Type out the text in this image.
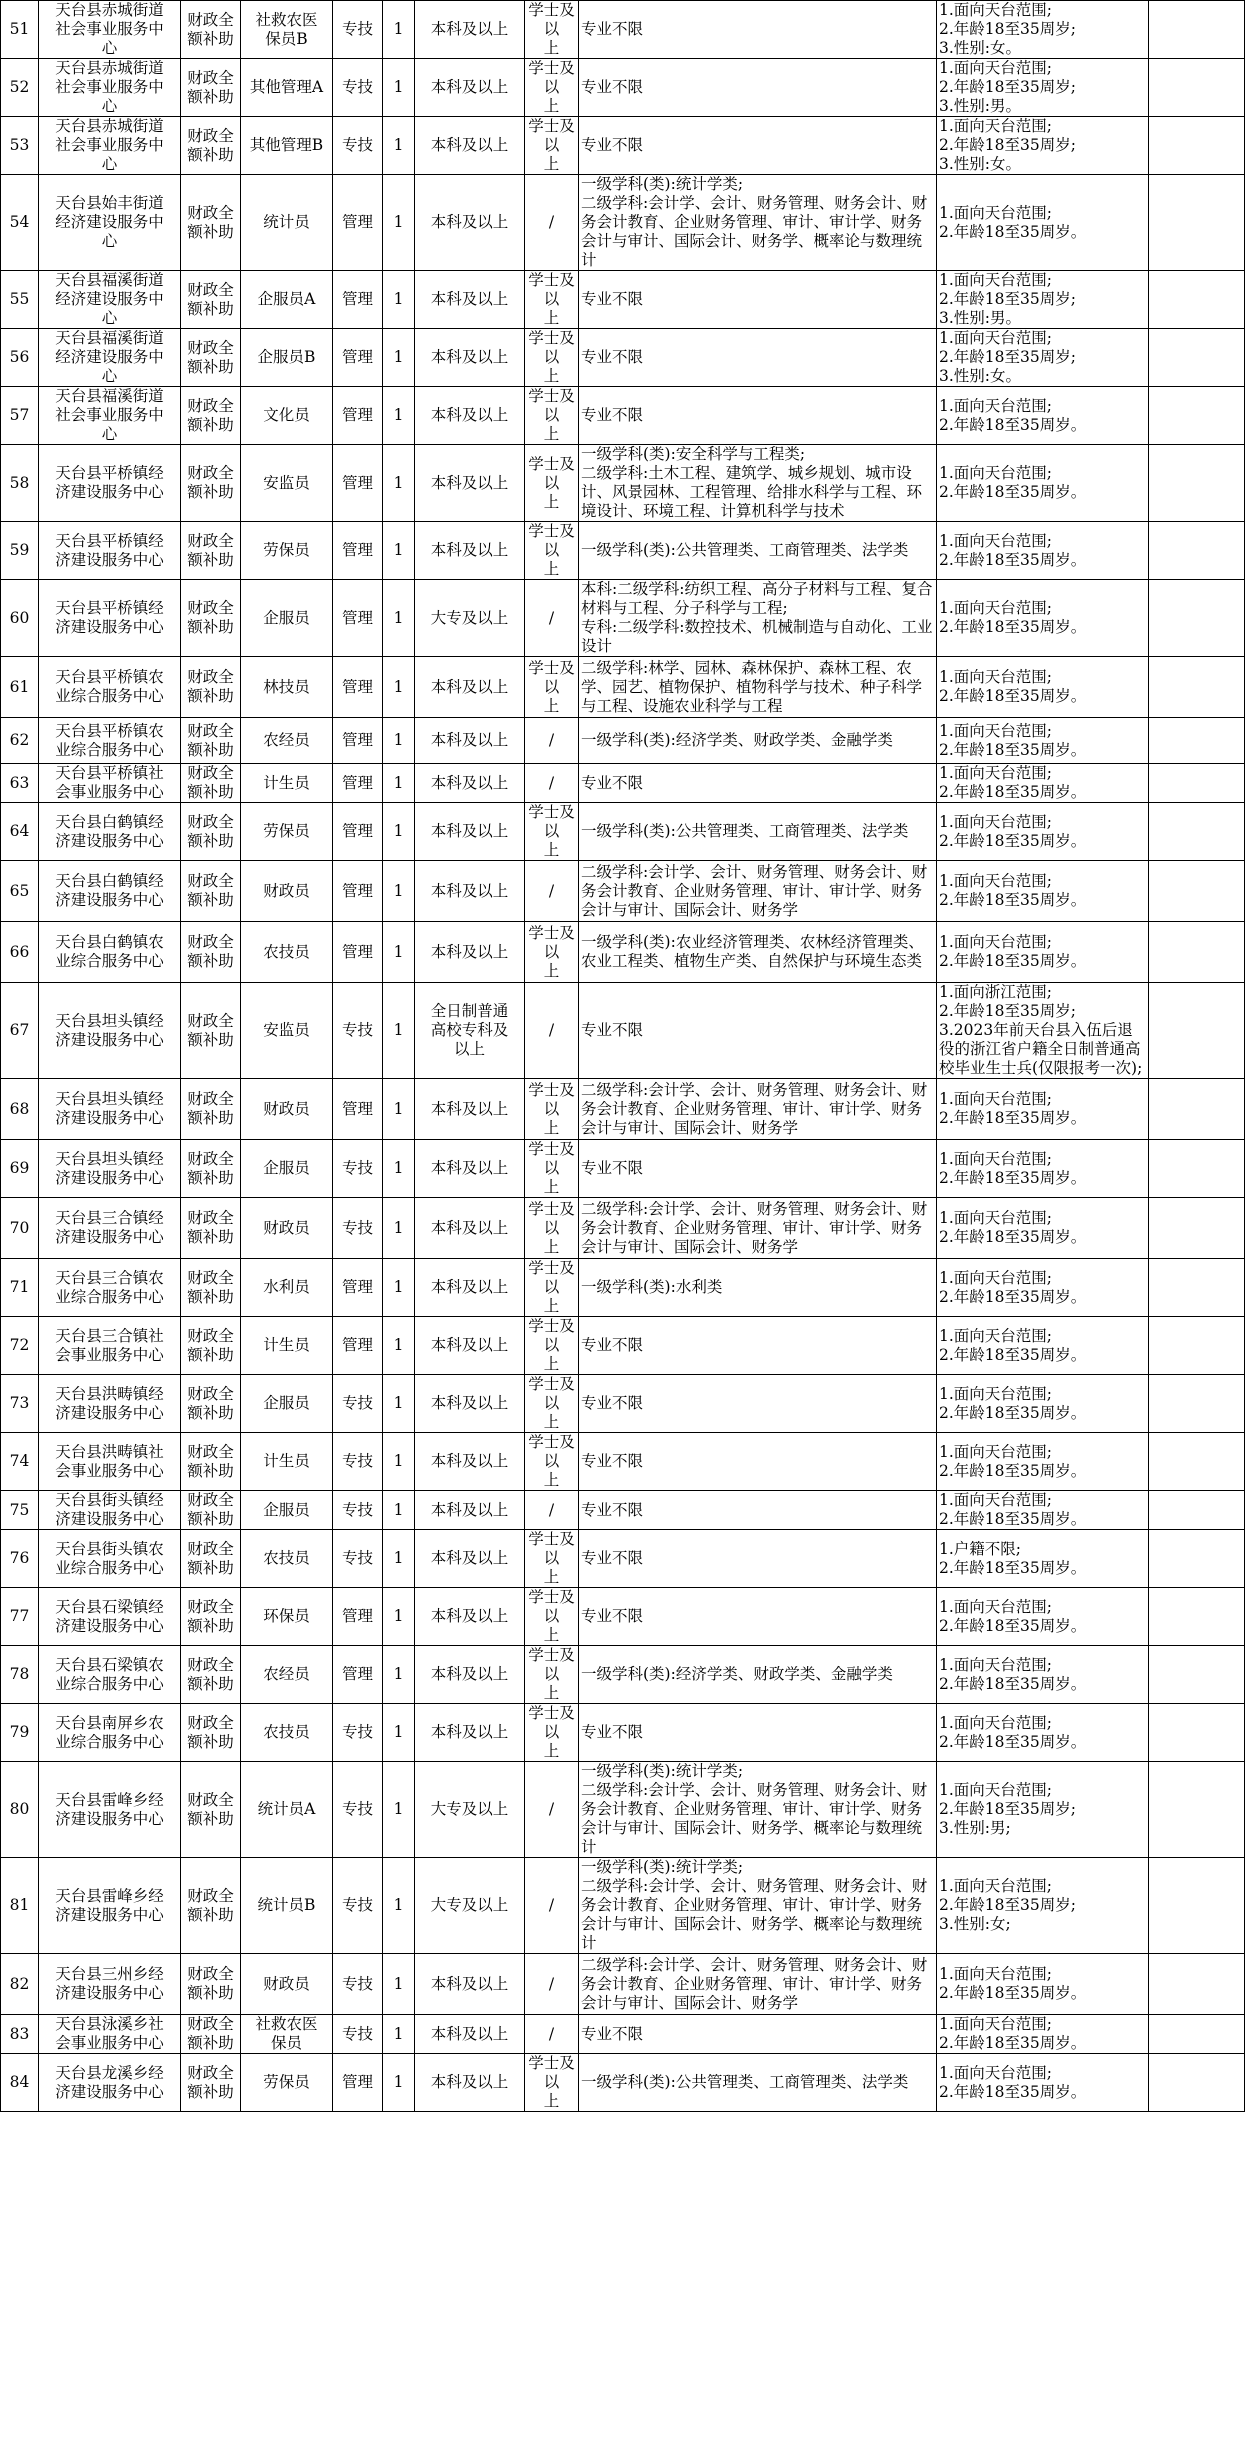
51	天台县赤城街道
社会事业服务中
心	财政全
额补助	社救农医
保员B	专技	1	本科及以上	学士及以
上	专业不限	1.面向天台范围;
2.年龄18至35周岁;
3.性别:女。	
52	天台县赤城街道
社会事业服务中
心	财政全
额补助	其他管理A	专技	1	本科及以上	学士及以
上	专业不限	1.面向天台范围;
2.年龄18至35周岁;
3.性别:男。	
53	天台县赤城街道
社会事业服务中
心	财政全
额补助	其他管理B	专技	1	本科及以上	学士及以
上	专业不限	1.面向天台范围;
2.年龄18至35周岁;
3.性别:女。	
54	天台县始丰街道
经济建设服务中
心	财政全
额补助	统计员	管理	1	本科及以上	/	一级学科(类):统计学类;
二级学科:会计学、会计、财务管理、财务会计、财务会计教育、企业财务管理、审计、审计学、财务会计与审计、国际会计、财务学、概率论与数理统计	1.面向天台范围;
2.年龄18至35周岁。	
55	天台县福溪街道
经济建设服务中
心	财政全
额补助	企服员A	管理	1	本科及以上	学士及以
上	专业不限	1.面向天台范围;
2.年龄18至35周岁;
3.性别:男。	
56	天台县福溪街道
经济建设服务中
心	财政全
额补助	企服员B	管理	1	本科及以上	学士及以
上	专业不限	1.面向天台范围;
2.年龄18至35周岁;
3.性别:女。	
57	天台县福溪街道
社会事业服务中
心	财政全
额补助	文化员	管理	1	本科及以上	学士及以
上	专业不限	1.面向天台范围;
2.年龄18至35周岁。	
58	天台县平桥镇经
济建设服务中心	财政全
额补助	安监员	管理	1	本科及以上	学士及以
上	一级学科(类):安全科学与工程类;
二级学科:土木工程、建筑学、城乡规划、城市设计、风景园林、工程管理、给排水科学与工程、环境设计、环境工程、计算机科学与技术	1.面向天台范围;
2.年龄18至35周岁。	
59	天台县平桥镇经
济建设服务中心	财政全
额补助	劳保员	管理	1	本科及以上	学士及以
上	一级学科(类):公共管理类、工商管理类、法学类	1.面向天台范围;
2.年龄18至35周岁。	
60	天台县平桥镇经
济建设服务中心	财政全
额补助	企服员	管理	1	大专及以上	/	本科:二级学科:纺织工程、高分子材料与工程、复合材料与工程、分子科学与工程;
专科:二级学科:数控技术、机械制造与自动化、工业设计	1.面向天台范围;
2.年龄18至35周岁。	
61	天台县平桥镇农
业综合服务中心	财政全
额补助	林技员	管理	1	本科及以上	学士及以
上	二级学科:林学、园林、森林保护、森林工程、农学、园艺、植物保护、植物科学与技术、种子科学与工程、设施农业科学与工程	1.面向天台范围;
2.年龄18至35周岁。	
62	天台县平桥镇农
业综合服务中心	财政全
额补助	农经员	管理	1	本科及以上	/	一级学科(类):经济学类、财政学类、金融学类	1.面向天台范围;
2.年龄18至35周岁。	
63	天台县平桥镇社
会事业服务中心	财政全
额补助	计生员	管理	1	本科及以上	/	专业不限	1.面向天台范围;
2.年龄18至35周岁。	
64	天台县白鹤镇经
济建设服务中心	财政全
额补助	劳保员	管理	1	本科及以上	学士及以
上	一级学科(类):公共管理类、工商管理类、法学类	1.面向天台范围;
2.年龄18至35周岁。	
65	天台县白鹤镇经
济建设服务中心	财政全
额补助	财政员	管理	1	本科及以上	/	二级学科:会计学、会计、财务管理、财务会计、财务会计教育、企业财务管理、审计、审计学、财务会计与审计、国际会计、财务学	1.面向天台范围;
2.年龄18至35周岁。	
66	天台县白鹤镇农
业综合服务中心	财政全
额补助	农技员	管理	1	本科及以上	学士及以
上	一级学科(类):农业经济管理类、农林经济管理类、农业工程类、植物生产类、自然保护与环境生态类	1.面向天台范围;
2.年龄18至35周岁。	
67	天台县坦头镇经
济建设服务中心	财政全
额补助	安监员	专技	1	全日制普通
高校专科及
以上	/	专业不限	1.面向浙江范围;
2.年龄18至35周岁;
3.2023年前天台县入伍后退役的浙江省户籍全日制普通高校毕业生士兵(仅限报考一次);	
68	天台县坦头镇经
济建设服务中心	财政全
额补助	财政员	管理	1	本科及以上	学士及以
上	二级学科:会计学、会计、财务管理、财务会计、财务会计教育、企业财务管理、审计、审计学、财务会计与审计、国际会计、财务学	1.面向天台范围;
2.年龄18至35周岁。	
69	天台县坦头镇经
济建设服务中心	财政全
额补助	企服员	专技	1	本科及以上	学士及以
上	专业不限	1.面向天台范围;
2.年龄18至35周岁。	
70	天台县三合镇经
济建设服务中心	财政全
额补助	财政员	专技	1	本科及以上	学士及以
上	二级学科:会计学、会计、财务管理、财务会计、财务会计教育、企业财务管理、审计、审计学、财务会计与审计、国际会计、财务学	1.面向天台范围;
2.年龄18至35周岁。	
71	天台县三合镇农
业综合服务中心	财政全
额补助	水利员	管理	1	本科及以上	学士及以
上	一级学科(类):水利类	1.面向天台范围;
2.年龄18至35周岁。	
72	天台县三合镇社
会事业服务中心	财政全
额补助	计生员	管理	1	本科及以上	学士及以
上	专业不限	1.面向天台范围;
2.年龄18至35周岁。	
73	天台县洪畴镇经
济建设服务中心	财政全
额补助	企服员	专技	1	本科及以上	学士及以
上	专业不限	1.面向天台范围;
2.年龄18至35周岁。	
74	天台县洪畴镇社
会事业服务中心	财政全
额补助	计生员	专技	1	本科及以上	学士及以
上	专业不限	1.面向天台范围;
2.年龄18至35周岁。	
75	天台县街头镇经
济建设服务中心	财政全
额补助	企服员	专技	1	本科及以上	/	专业不限	1.面向天台范围;
2.年龄18至35周岁。	
76	天台县街头镇农
业综合服务中心	财政全
额补助	农技员	专技	1	本科及以上	学士及以
上	专业不限	1.户籍不限;
2.年龄18至35周岁。	
77	天台县石梁镇经
济建设服务中心	财政全
额补助	环保员	管理	1	本科及以上	学士及以
上	专业不限	1.面向天台范围;
2.年龄18至35周岁。	
78	天台县石梁镇农
业综合服务中心	财政全
额补助	农经员	管理	1	本科及以上	学士及以
上	一级学科(类):经济学类、财政学类、金融学类	1.面向天台范围;
2.年龄18至35周岁。	
79	天台县南屏乡农
业综合服务中心	财政全
额补助	农技员	专技	1	本科及以上	学士及以
上	专业不限	1.面向天台范围;
2.年龄18至35周岁。	
80	天台县雷峰乡经
济建设服务中心	财政全
额补助	统计员A	专技	1	大专及以上	/	一级学科(类):统计学类;
二级学科:会计学、会计、财务管理、财务会计、财务会计教育、企业财务管理、审计、审计学、财务会计与审计、国际会计、财务学、概率论与数理统计	1.面向天台范围;
2.年龄18至35周岁;
3.性别:男;	
81	天台县雷峰乡经
济建设服务中心	财政全
额补助	统计员B	专技	1	大专及以上	/	一级学科(类):统计学类;
二级学科:会计学、会计、财务管理、财务会计、财务会计教育、企业财务管理、审计、审计学、财务会计与审计、国际会计、财务学、概率论与数理统计	1.面向天台范围;
2.年龄18至35周岁;
3.性别:女;	
82	天台县三州乡经
济建设服务中心	财政全
额补助	财政员	专技	1	本科及以上	/	二级学科:会计学、会计、财务管理、财务会计、财务会计教育、企业财务管理、审计、审计学、财务会计与审计、国际会计、财务学	1.面向天台范围;
2.年龄18至35周岁。	
83	天台县泳溪乡社
会事业服务中心	财政全
额补助	社救农医
保员	专技	1	本科及以上	/	专业不限	1.面向天台范围;
2.年龄18至35周岁。	
84	天台县龙溪乡经
济建设服务中心	财政全
额补助	劳保员	管理	1	本科及以上	学士及以
上	一级学科(类):公共管理类、工商管理类、法学类	1.面向天台范围;
2.年龄18至35周岁。	
